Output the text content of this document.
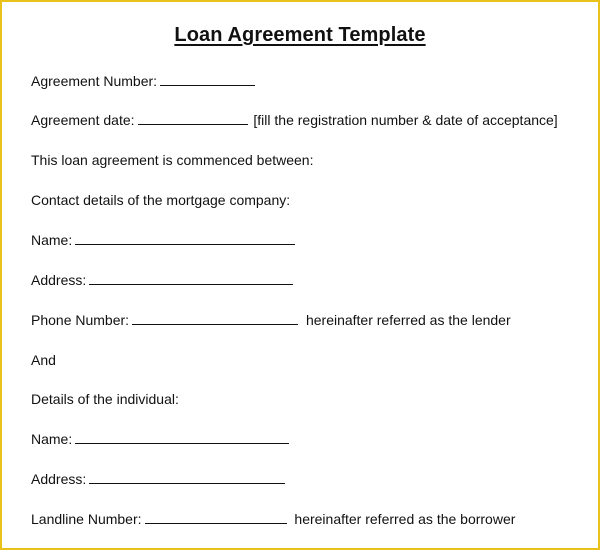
Loan Agreement Template
Agreement Number:
Agreement date:	[fill the registration number & date of acceptance]
This loan agreement is commenced between:
Contact details of the mortgage company:
Name:
Address:
Phone Number:	hereinafter referred as the lender
And
Details of the individual:
Name:
Address:
Landline Number:	hereinafter referred as the borrower
